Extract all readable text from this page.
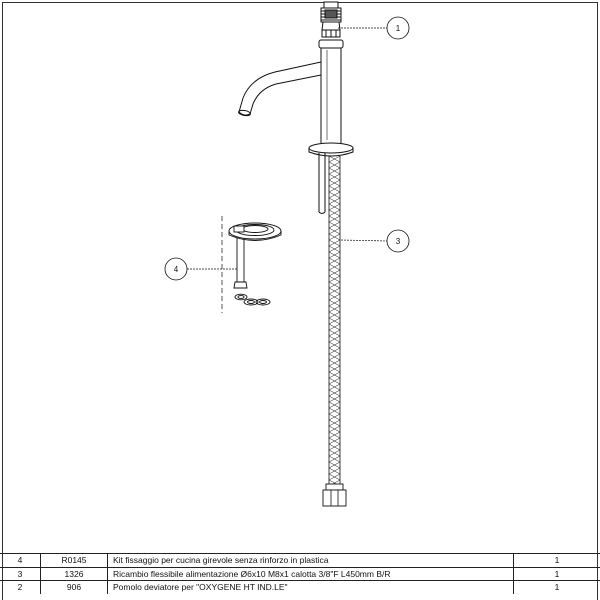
1
3
4
4	R0145	Kit fissaggio per cucina girevole senza rinforzo in plastica	1
3	1326	Ricambio flessibile alimentazione Ø6x10 M8x1 calotta 3/8"F L450mm B/R	1
2	906	Pomolo deviatore per "OXYGENE HT IND.LE"	1
